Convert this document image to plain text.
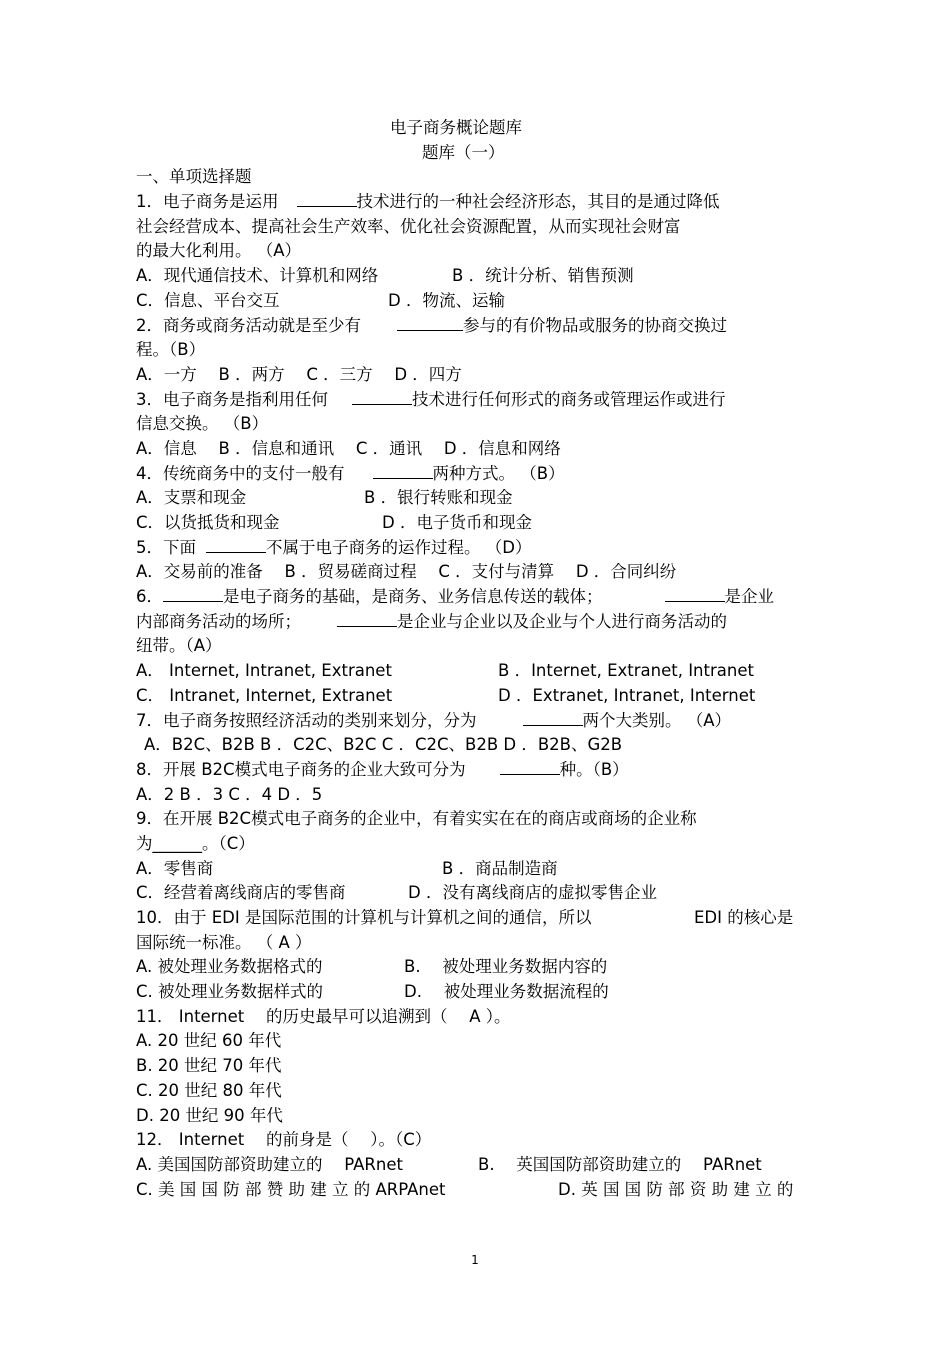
电子商务概论题库
题库（一）
一、单项选择题
1．电子商务是运用	技术进行的一种社会经济形态，其目的是通过降低
社会经营成本、提高社会生产效率、优化社会资源配置，从而实现社会财富
的最大化利用。 （A）
A．现代通信技术、计算机和网络	B ．统计分析、销售预测
C．信息、平台交互	D ．物流、运输
2．商务或商务活动就是至少有	参与的有价物品或服务的协商交换过
程。（B）
A．一方 　B ．两方 　C ．三方 　D ．四方
3．电子商务是指利用任何	技术进行任何形式的商务或管理运作或进行
信息交换。 （B）
A．信息 　B ．信息和通讯 　C ．通讯 　D ．信息和网络
4．传统商务中的支付一般有	两种方式。 （B）
A．支票和现金	B ．银行转账和现金
C．以货抵货和现金	D ．电子货币和现金
5．下面	不属于电子商务的运作过程。 （D）
A．交易前的准备 　B ．贸易磋商过程 　C ．支付与清算 　D ．合同纠纷
6．	是电子商务的基础，是商务、业务信息传送的载体；	是企业
内部商务活动的场所；	是企业与企业以及企业与个人进行商务活动的
纽带。（A）
A． Internet, Intranet, Extranet	B ．Internet, Extranet, Intranet
C． Intranet, Internet, Extranet	D ．Extranet, Intranet, Internet
7．电子商务按照经济活动的类别来划分，分为	两个大类别。 （A）
A．B2C、B2B B ．C2C、B2C C ．C2C、B2B D ．B2B、G2B
8．开展 B2C模式电子商务的企业大致可分为	种。（B）
A．2 B ．3 C ．4 D ．5
9．在开展 B2C模式电子商务的企业中，有着实实在在的商店或商场的企业称
为______。（C）
A．零售商	B ．商品制造商
C．经营着离线商店的零售商	D ．没有离线商店的虚拟零售企业
10．由于 EDI 是国际范围的计算机与计算机之间的通信，所以	EDI 的核心是
国际统一标准。 （ A ）
A. 被处理业务数据格式的	B. 　被处理业务数据内容的
C. 被处理业务数据样式的	D. 　被处理业务数据流程的
11． Internet 　的历史最早可以追溯到（ 　A ）。
A. 20 世纪 60 年代
B. 20 世纪 70 年代
C. 20 世纪 80 年代
D. 20 世纪 90 年代
12． Internet 　的前身是（ 　）。（C）
A. 美国国防部资助建立的 　PARnet	B. 　英国国防部资助建立的 　PARnet
C. 美 国 国 防 部 赞 助 建 立 的 ARPAnet	D. 英 国 国 防 部 资 助 建 立 的
1
